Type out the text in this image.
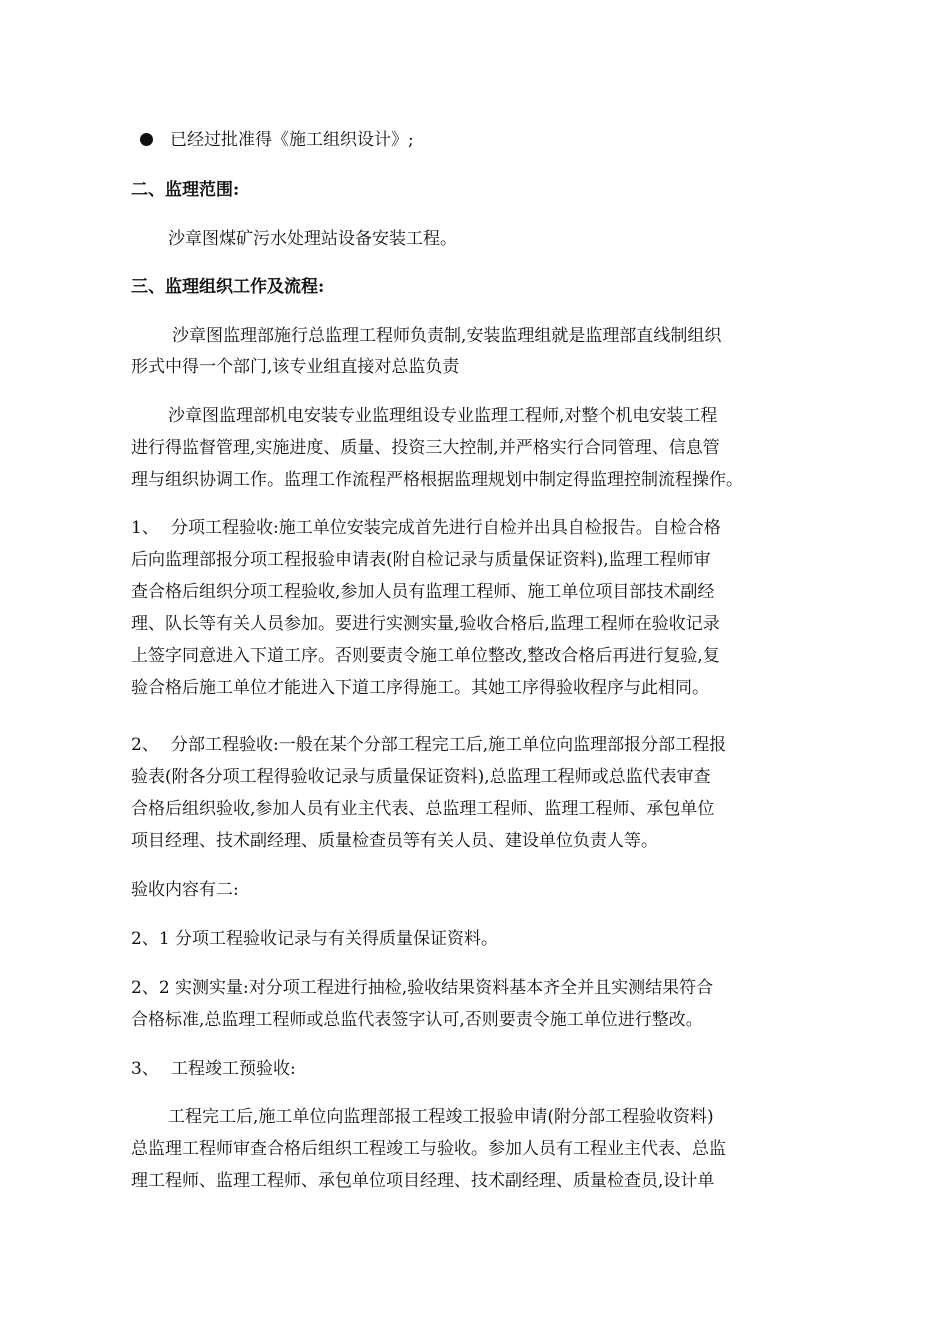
已经过批准得《施工组织设计》;
二、监理范围:
沙章图煤矿污水处理站设备安装工程。
三、监理组织工作及流程:
沙章图监理部施行总监理工程师负责制,安装监理组就是监理部直线制组织
形式中得一个部门,该专业组直接对总监负责
沙章图监理部机电安装专业监理组设专业监理工程师,对整个机电安装工程
进行得监督管理,实施进度、质量、投资三大控制,并严格实行合同管理、信息管
理与组织协调工作。监理工作流程严格根据监理规划中制定得监理控制流程操作。
1、 分项工程验收:施工单位安装完成首先进行自检并出具自检报告。自检合格
后向监理部报分项工程报验申请表(附自检记录与质量保证资料),监理工程师审
查合格后组织分项工程验收,参加人员有监理工程师、施工单位项目部技术副经
理、队长等有关人员参加。要进行实测实量,验收合格后,监理工程师在验收记录
上签字同意进入下道工序。否则要责令施工单位整改,整改合格后再进行复验,复
验合格后施工单位才能进入下道工序得施工。其她工序得验收程序与此相同。
2、 分部工程验收:一般在某个分部工程完工后,施工单位向监理部报分部工程报
验表(附各分项工程得验收记录与质量保证资料),总监理工程师或总监代表审查
合格后组织验收,参加人员有业主代表、总监理工程师、监理工程师、承包单位
项目经理、技术副经理、质量检查员等有关人员、建设单位负责人等。
验收内容有二:
2、1 分项工程验收记录与有关得质量保证资料。
2、2 实测实量:对分项工程进行抽检,验收结果资料基本齐全并且实测结果符合
合格标准,总监理工程师或总监代表签字认可,否则要责令施工单位进行整改。
3、 工程竣工预验收:
工程完工后,施工单位向监理部报工程竣工报验申请(附分部工程验收资料)
总监理工程师审查合格后组织工程竣工与验收。参加人员有工程业主代表、总监
理工程师、监理工程师、承包单位项目经理、技术副经理、质量检查员,设计单
